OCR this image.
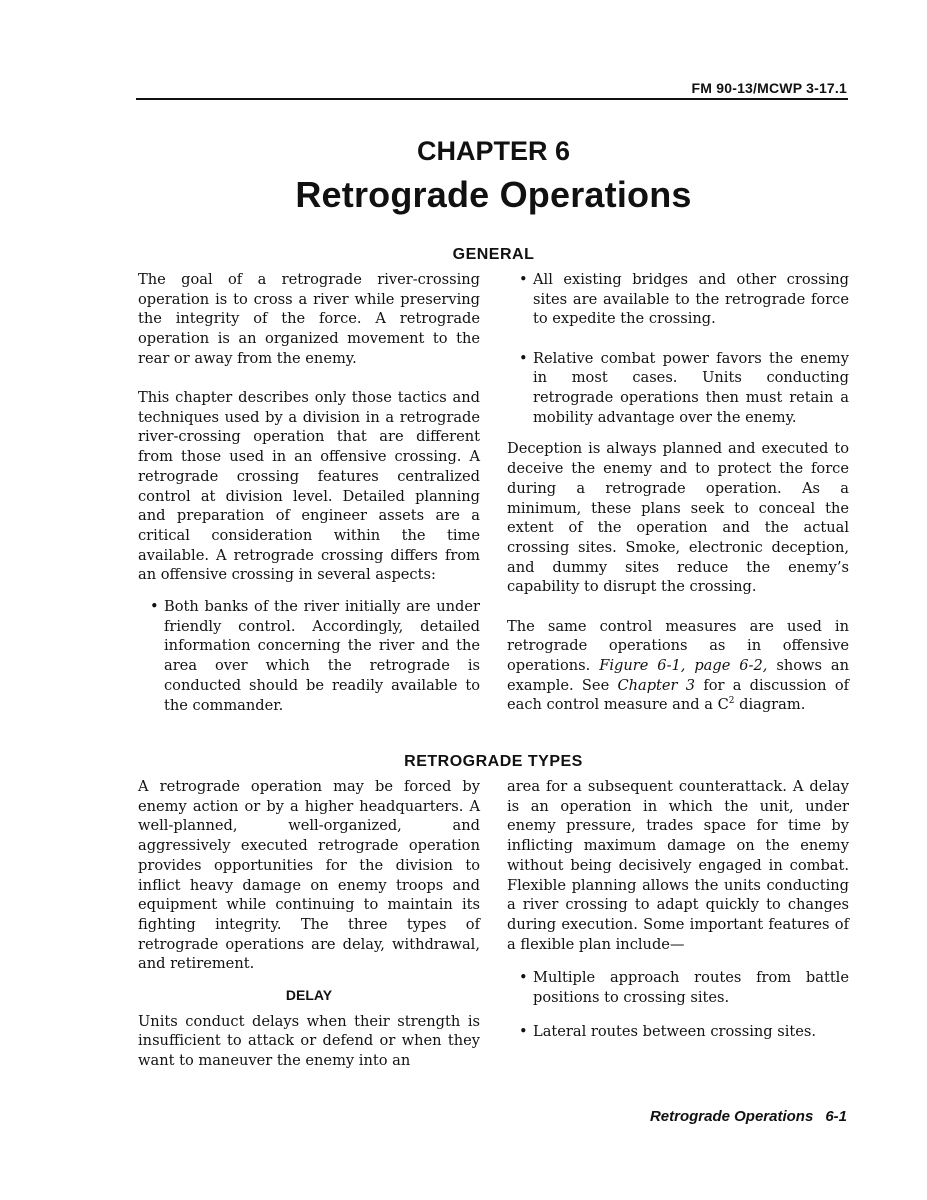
FM 90-13/MCWP 3-17.1
CHAPTER 6
Retrograde Operations
GENERAL

The goal of a retrograde river-crossing operation is to cross a river while preserving the integrity of the force. A retrograde operation is an organized movement to the rear or away from the enemy.

This chapter describes only those tactics and techniques used by a division in a retrograde river-crossing operation that are different from those used in an offensive crossing. A retrograde crossing features centralized control at division level. Detailed planning and preparation of engineer assets are a critical consideration within the time available. A retrograde crossing differs from an offensive crossing in several aspects:

• Both banks of the river initially are under friendly control. Accordingly, detailed information concerning the river and the area over which the retrograde is conducted should be readily available to the commander.
• All existing bridges and other crossing sites are available to the retrograde force to expedite the crossing.
• Relative combat power favors the enemy in most cases. Units conducting retrograde operations then must retain a mobility advantage over the enemy.

Deception is always planned and executed to deceive the enemy and to protect the force during a retrograde operation. As a minimum, these plans seek to conceal the extent of the operation and the actual crossing sites. Smoke, electronic deception, and dummy sites reduce the enemy’s capability to disrupt the crossing.

The same control measures are used in retrograde operations as in offensive operations. Figure 6-1, page 6-2, shows an example. See Chapter 3 for a discussion of each control measure and a $C^2$ diagram.

RETROGRADE TYPES

A retrograde operation may be forced by enemy action or by a higher headquarters. A well-planned, well-organized, and aggressively executed retrograde operation provides opportunities for the division to inflict heavy damage on enemy troops and equipment while continuing to maintain its fighting integrity. The three types of retrograde operations are delay, withdrawal, and retirement.

DELAY

Units conduct delays when their strength is insufficient to attack or defend or when they want to maneuver the enemy into an

area for a subsequent counterattack. A delay is an operation in which the unit, under enemy pressure, trades space for time by inflicting maximum damage on the enemy without being decisively engaged in combat. Flexible planning allows the units conducting a river crossing to adapt quickly to changes during execution. Some important features of a flexible plan include—

• Multiple approach routes from battle positions to crossing sites.
• Lateral routes between crossing sites.
Retrograde Operations 6-1
